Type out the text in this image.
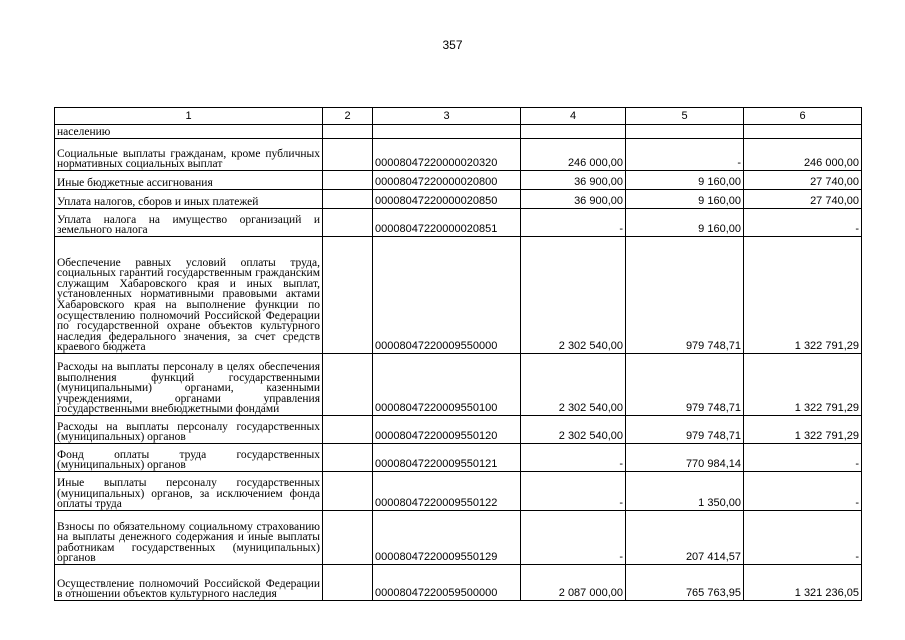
357
1	2	3	4	5	6

населению					

Социальные выплаты гражданам, кроме публичных нормативных социальных выплат		00008047220000020320	246 000,00	-	246 000,00
Иные бюджетные ассигнования		00008047220000020800	36 900,00	9 160,00	27 740,00
Уплата налогов, сборов и иных платежей		00008047220000020850	36 900,00	9 160,00	27 740,00
Уплата налога на имущество организаций и земельного налога		00008047220000020851	-	9 160,00	-
Обеспечение равных условий оплаты труда, социальных гарантий государственным гражданским служащим Хабаровского края и иных выплат, установленных нормативными правовыми актами Хабаровского края на выполнение функции по осуществлению полномочий Российской Федерации по государственной охране объектов культурного наследия федерального значения, за счет средств краевого бюджета		00008047220009550000	2 302 540,00	979 748,71	1 322 791,29
Расходы на выплаты персоналу в целях обеспечения выполнения функций государственными (муниципальными) органами, казенными учреждениями, органами управления государственными внебюджетными фондами		00008047220009550100	2 302 540,00	979 748,71	1 322 791,29
Расходы на выплаты персоналу государственных (муниципальных) органов		00008047220009550120	2 302 540,00	979 748,71	1 322 791,29
Фонд оплаты труда государственных (муниципальных) органов		00008047220009550121	-	770 984,14	-
Иные выплаты персоналу государственных (муниципальных) органов, за исключением фонда оплаты труда		00008047220009550122	-	1 350,00	-
Взносы по обязательному социальному страхованию на выплаты денежного содержания и иные выплаты работникам государственных (муниципальных) органов		00008047220009550129	-	207 414,57	-
Осуществление полномочий Российской Федерации в отношении объектов культурного наследия		00008047220059500000	2 087 000,00	765 763,95	1 321 236,05
